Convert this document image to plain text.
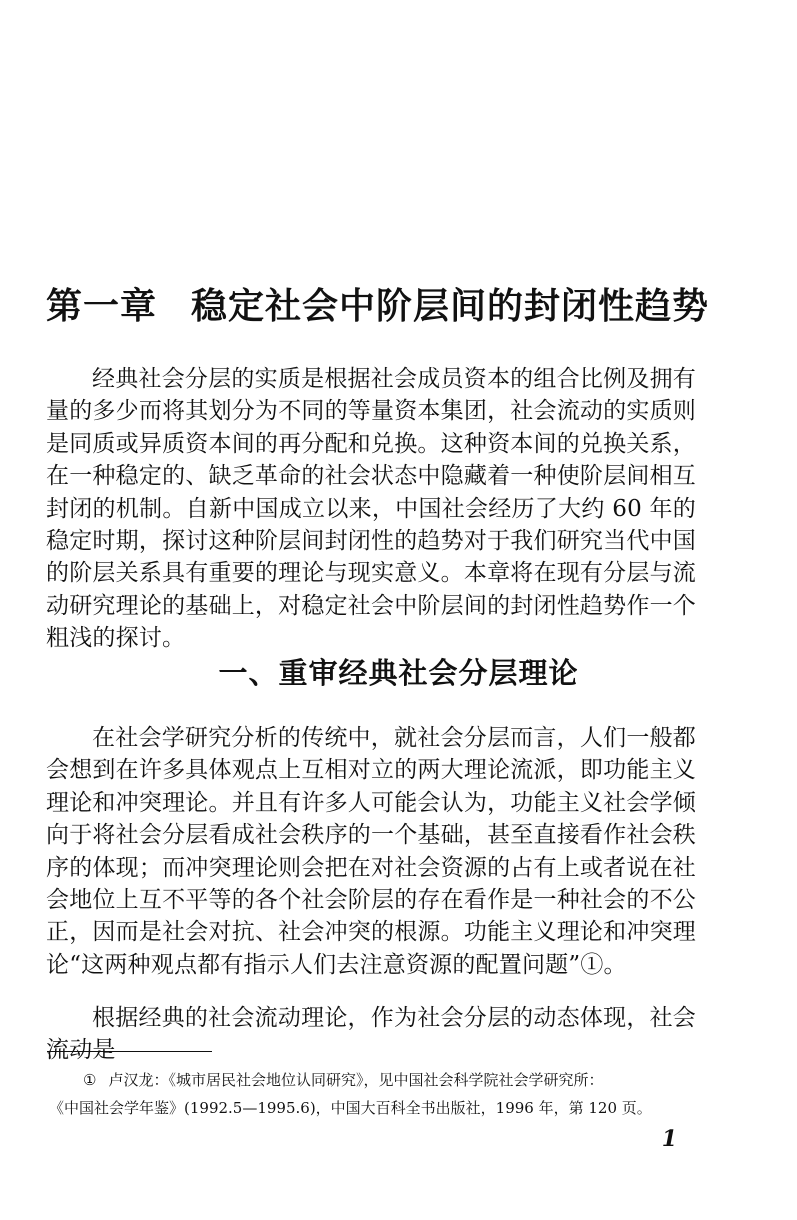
第一章 稳定社会中阶层间的封闭性趋势

经典社会分层的实质是根据社会成员资本的组合比例及拥有量的多少而将其划分为不同的等量资本集团，社会流动的实质则是同质或异质资本间的再分配和兑换。这种资本间的兑换关系，在一种稳定的、缺乏革命的社会状态中隐藏着一种使阶层间相互封闭的机制。自新中国成立以来，中国社会经历了大约 60 年的稳定时期，探讨这种阶层间封闭性的趋势对于我们研究当代中国的阶层关系具有重要的理论与现实意义。本章将在现有分层与流动研究理论的基础上，对稳定社会中阶层间的封闭性趋势作一个粗浅的探讨。

一、重审经典社会分层理论

在社会学研究分析的传统中，就社会分层而言，人们一般都会想到在许多具体观点上互相对立的两大理论流派，即功能主义理论和冲突理论。并且有许多人可能会认为，功能主义社会学倾向于将社会分层看成社会秩序的一个基础，甚至直接看作社会秩序的体现；而冲突理论则会把在对社会资源的占有上或者说在社会地位上互不平等的各个社会阶层的存在看作是一种社会的不公正，因而是社会对抗、社会冲突的根源。功能主义理论和冲突理论“这两种观点都有指示人们去注意资源的配置问题”①。

根据经典的社会流动理论，作为社会分层的动态体现，社会流动是

① 卢汉龙：《城市居民社会地位认同研究》，见中国社会科学院社会学研究所：
《中国社会学年鉴》(1992.5—1995.6)，中国大百科全书出版社，1996 年，第 120 页。

1
